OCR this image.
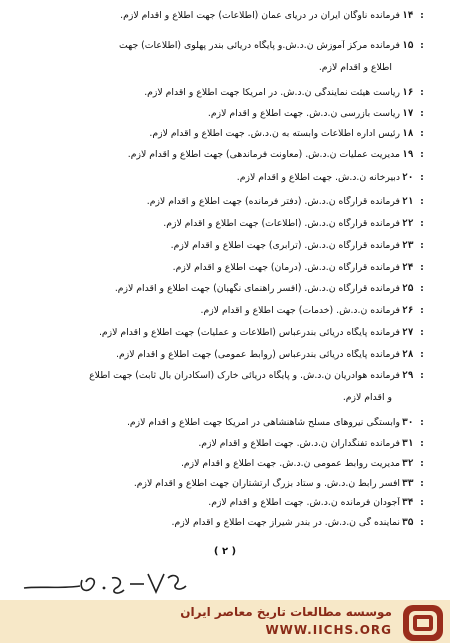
۱۴ :
فرمانده ناوگان ایران در دریای عمان (اطلاعات) جهت اطلاع و اقدام لازم.
۱۵ :
فرمانده مرکز آموزش ن.د.ش.و پایگاه دریائی بندر پهلوی (اطلاعات) جهت
اطلاع و اقدام لازم.
۱۶ :
ریاست هیئت نمایندگی ن.د.ش. در امریکا جهت اطلاع و اقدام لازم.
۱۷ :
ریاست بازرسی ن.د.ش. جهت اطلاع و اقدام لازم.
۱۸ :
رئیس اداره اطلاعات وابسته به ن.د.ش. جهت اطلاع و اقدام لازم.
۱۹ :
مدیریت عملیات ن.د.ش. (معاونت فرماندهی) جهت اطلاع و اقدام لازم.
۲۰ :
دبیرخانه ن.د.ش. جهت اطلاع و اقدام لازم.
۲۱ :
فرمانده قرارگاه ن.د.ش. (دفتر فرمانده) جهت اطلاع و اقدام لازم.
۲۲ :
فرمانده قرارگاه ن.د.ش. (اطلاعات) جهت اطلاع و اقدام لازم.
۲۳ :
فرمانده قرارگاه ن.د.ش. (ترابری) جهت اطلاع و اقدام لازم.
۲۴ :
فرمانده قرارگاه ن.د.ش. (درمان) جهت اطلاع و اقدام لازم.
۲۵ :
فرمانده قرارگاه ن.د.ش. (افسر راهنمای نگهبان) جهت اطلاع و اقدام لازم.
۲۶ :
فرمانده ن.د.ش. (خدمات) جهت اطلاع و اقدام لازم.
۲۷ :
فرمانده پایگاه دریائی بندرعباس (اطلاعات و عملیات) جهت اطلاع و اقدام لازم.
۲۸ :
فرمانده پایگاه دریائی بندرعباس (روابط عمومی) جهت اطلاع و اقدام لازم.
۲۹ :
فرمانده هوادریان ن.د.ش. و پایگاه دریائی خارک (اسکادران بال ثابت) جهت اطلاع
و اقدام لازم.
۳۰ :
وابستگی نیروهای مسلح شاهنشاهی در امریکا جهت اطلاع و اقدام لازم.
۳۱ :
فرمانده تفنگداران ن.د.ش. جهت اطلاع و اقدام لازم.
۳۲ :
مدیریت روابط عمومی ن.د.ش. جهت اطلاع و اقدام لازم.
۳۳ :
افسر رابط ن.د.ش. و ستاد بزرگ ارتشتاران جهت اطلاع و اقدام لازم.
۳۴ :
آجودان فرمانده ن.د.ش. جهت اطلاع و اقدام لازم.
۳۵ :
نماینده گی ن.د.ش. در بندر شیراز جهت اطلاع و اقدام لازم.
( ۲ )
موسسه مطالعات تاریخ معاصر ایران
WWW.IICHS.ORG
